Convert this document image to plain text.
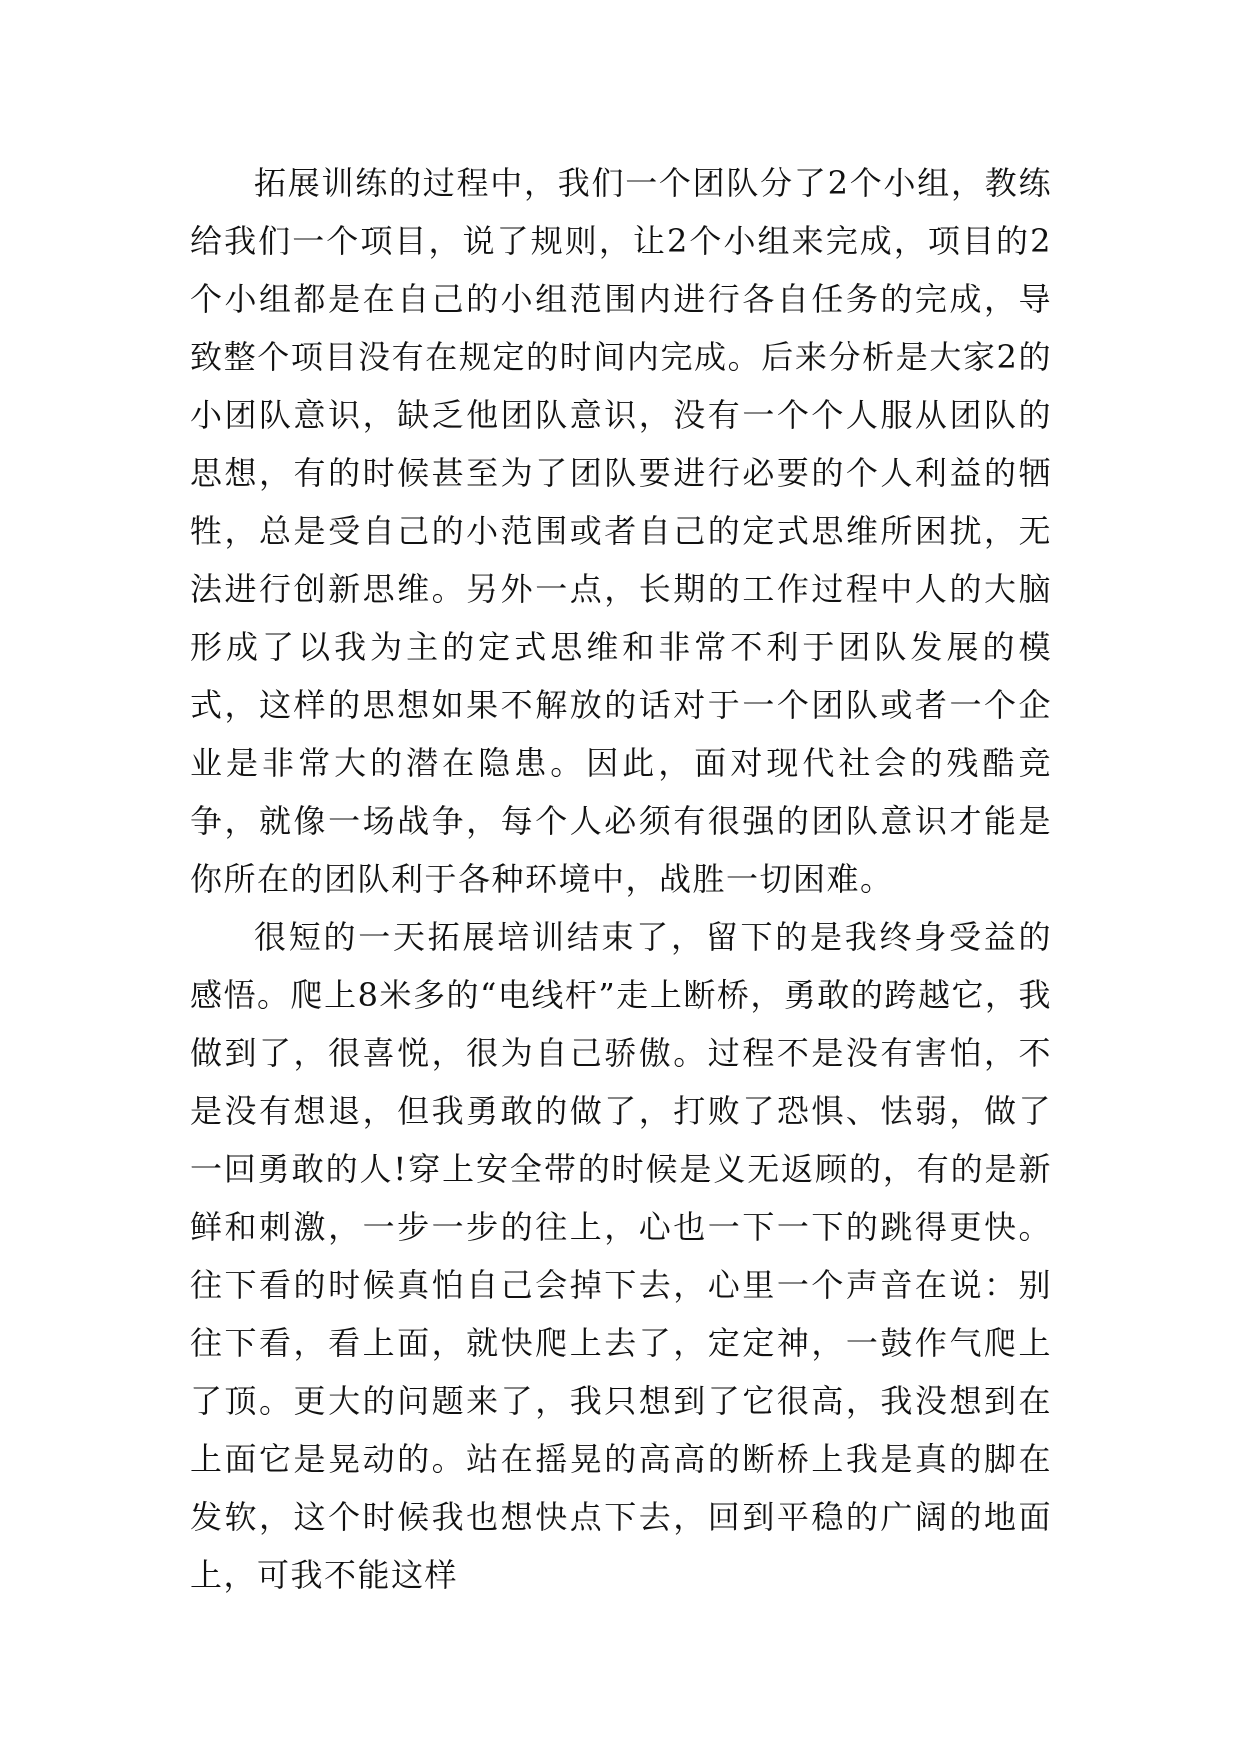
拓展训练的过程中，我们一个团队分了2个小组，教练给我们一个项目，说了规则，让2个小组来完成，项目的2个小组都是在自己的小组范围内进行各自任务的完成，导致整个项目没有在规定的时间内完成。后来分析是大家2的小团队意识，缺乏他团队意识，没有一个个人服从团队的思想，有的时候甚至为了团队要进行必要的个人利益的牺牲，总是受自己的小范围或者自己的定式思维所困扰，无法进行创新思维。另外一点，长期的工作过程中人的大脑形成了以我为主的定式思维和非常不利于团队发展的模式，这样的思想如果不解放的话对于一个团队或者一个企业是非常大的潜在隐患。因此，面对现代社会的残酷竞争，就像一场战争，每个人必须有很强的团队意识才能是你所在的团队利于各种环境中，战胜一切困难。

很短的一天拓展培训结束了，留下的是我终身受益的感悟。爬上8米多的“电线杆”走上断桥，勇敢的跨越它，我做到了，很喜悦，很为自己骄傲。过程不是没有害怕，不是没有想退，但我勇敢的做了，打败了恐惧、怯弱，做了一回勇敢的人!穿上安全带的时候是义无返顾的，有的是新鲜和刺激，一步一步的往上，心也一下一下的跳得更快。往下看的时候真怕自己会掉下去，心里一个声音在说：别往下看，看上面，就快爬上去了，定定神，一鼓作气爬上了顶。更大的问题来了，我只想到了它很高，我没想到在上面它是晃动的。站在摇晃的高高的断桥上我是真的脚在发软，这个时候我也想快点下去，回到平稳的广阔的地面上，可我不能这样
